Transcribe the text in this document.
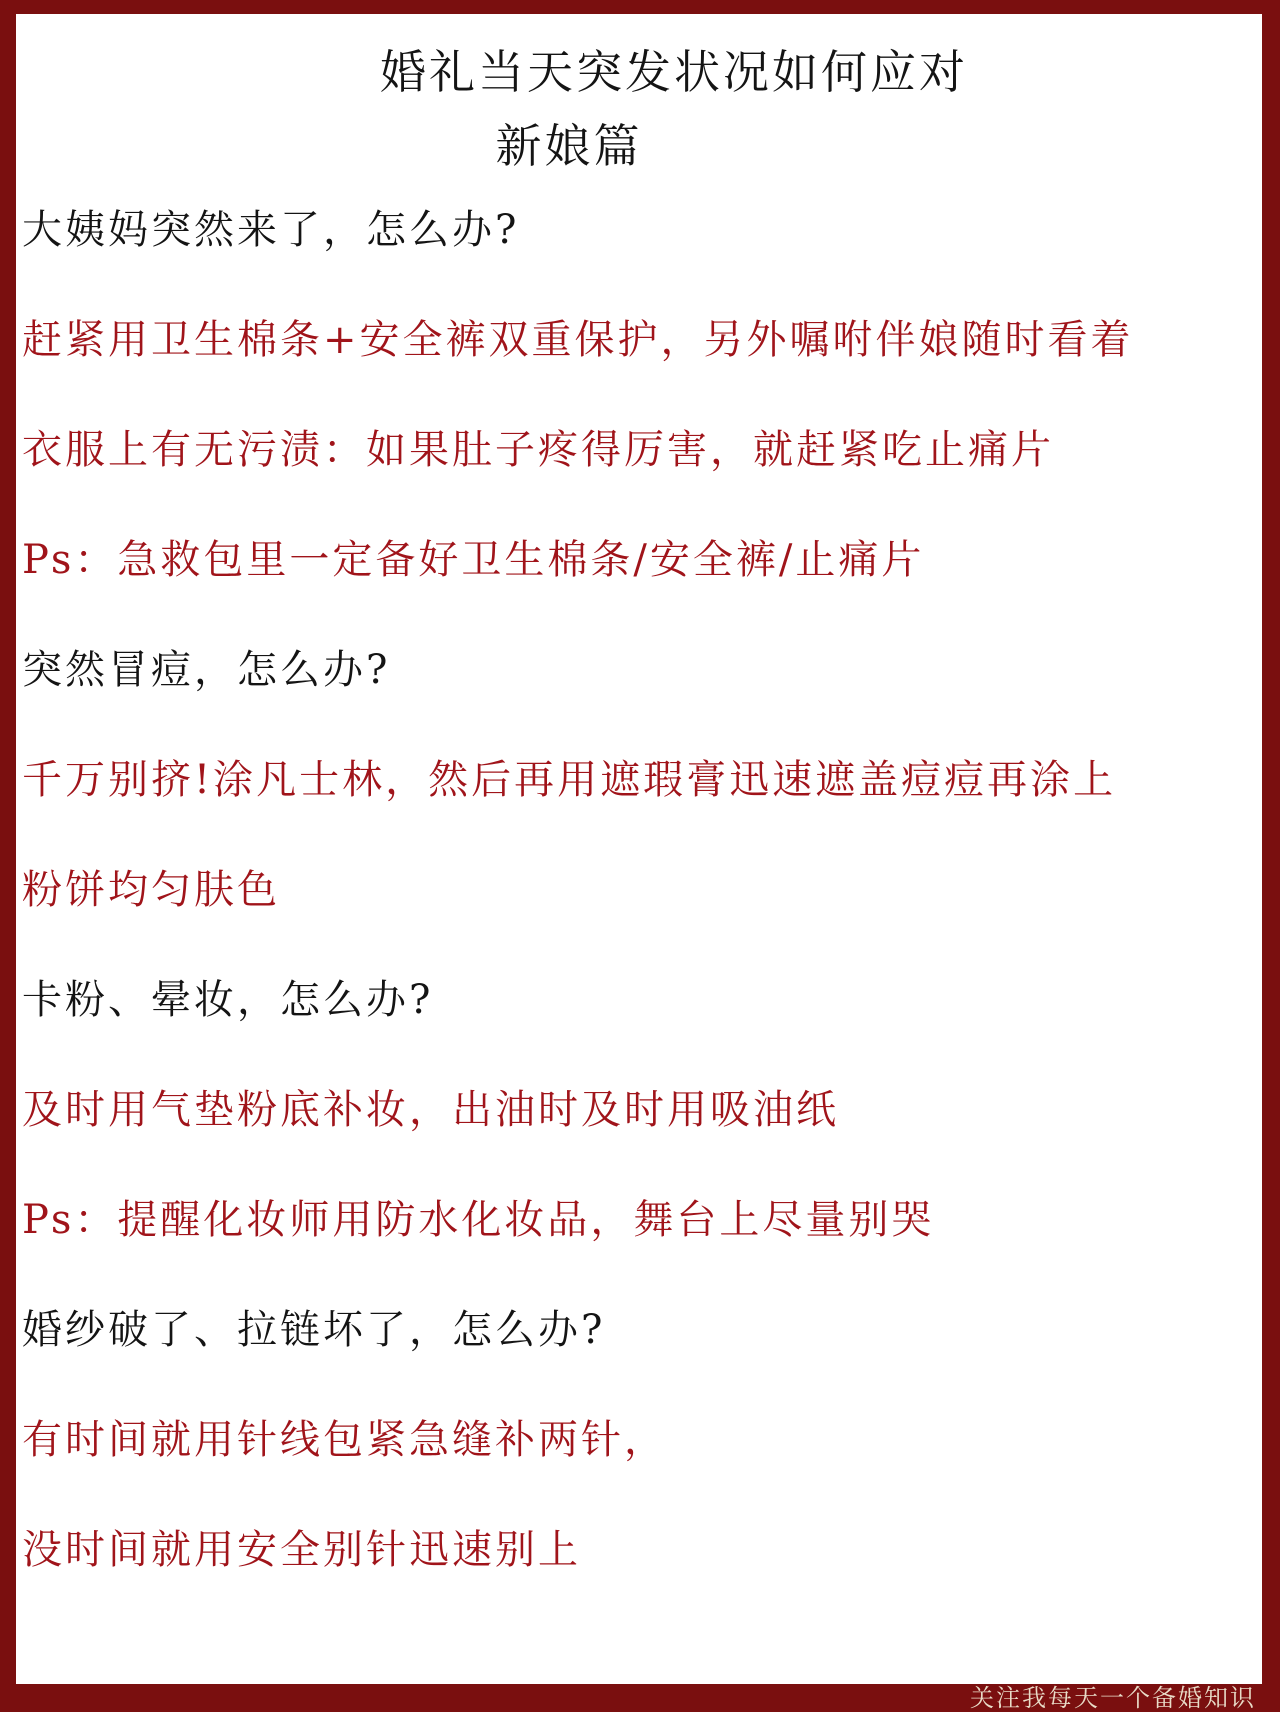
婚礼当天突发状况如何应对
新娘篇
大姨妈突然来了，怎么办?
赶紧用卫生棉条+安全裤双重保护，另外嘱咐伴娘随时看着
衣服上有无污渍：如果肚子疼得厉害，就赶紧吃止痛片
Ps：急救包里一定备好卫生棉条/安全裤/止痛片
突然冒痘，怎么办?
千万别挤!涂凡士林，然后再用遮瑕膏迅速遮盖痘痘再涂上
粉饼均匀肤色
卡粉、晕妆，怎么办?
及时用气垫粉底补妆，出油时及时用吸油纸
Ps：提醒化妆师用防水化妆品，舞台上尽量别哭
婚纱破了、拉链坏了，怎么办?
有时间就用针线包紧急缝补两针，
没时间就用安全别针迅速别上
关注我每天一个备婚知识
